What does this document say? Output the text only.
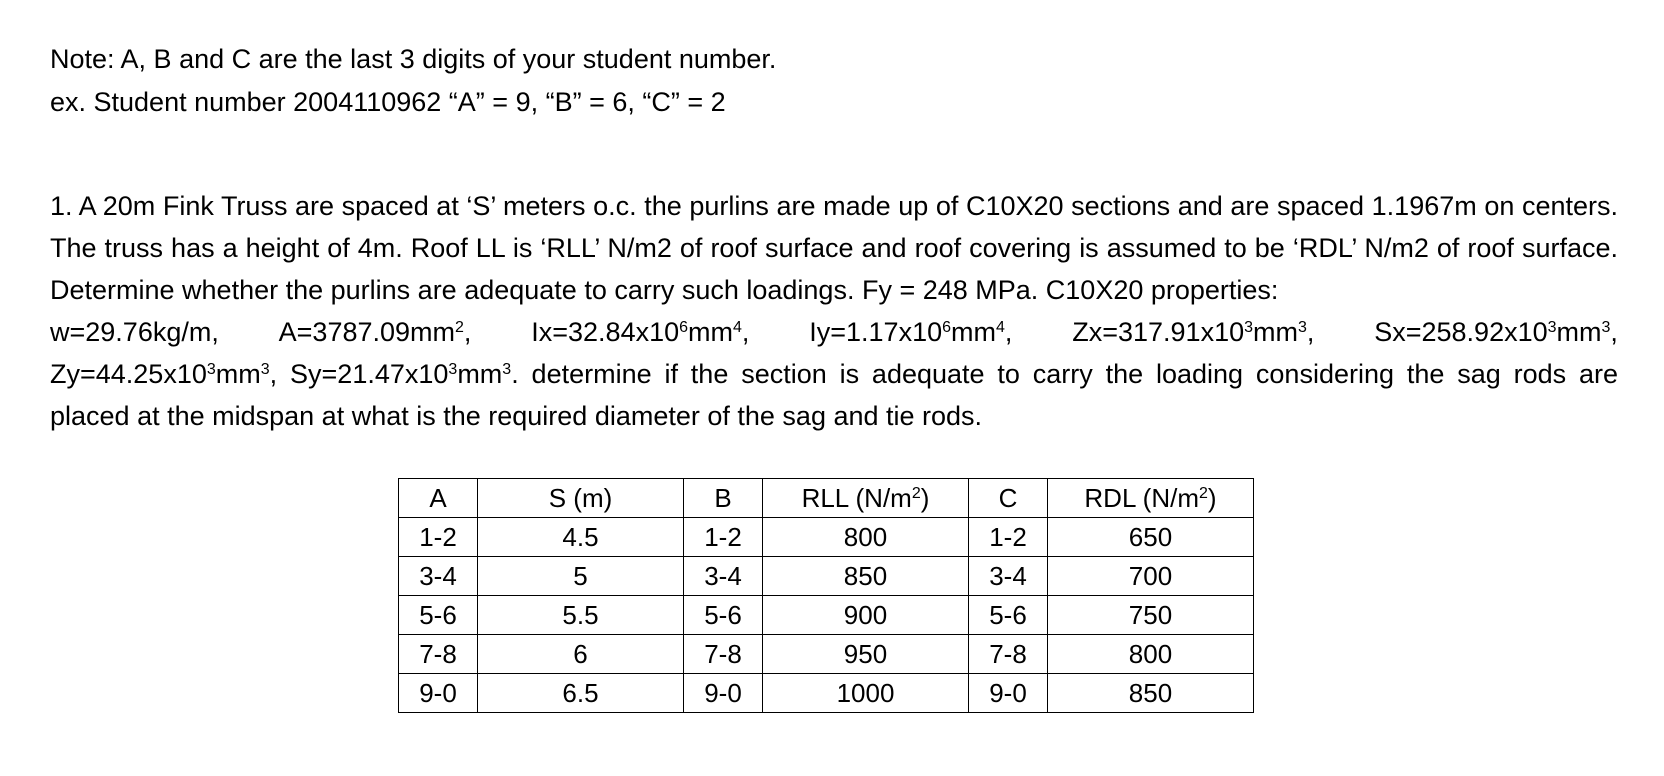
Note: A, B and C are the last 3 digits of your student number.

ex. Student number 2004110962 “A” = 9, “B” = 6, “C” = 2

1. A 20m Fink Truss are spaced at ‘S’ meters o.c. the purlins are made up of C10X20 sections and are spaced 1.1967m on centers. The truss has a height of 4m. Roof LL is ‘RLL’ N/m2 of roof surface and roof covering is assumed to be ‘RDL’ N/m2 of roof surface. Determine whether the purlins are adequate to carry such loadings. Fy = 248 MPa. C10X20 properties:
w=29.76kg/m, $A=3787.09mm^2$, $Ix=32.84x10^6mm^4$, $Iy=1.17x10^6mm^4$, $Zx=317.91x10^3mm^3$, $Sx=258.92x10^3mm^3$,
$Zy=44.25x10^3mm^3$, $Sy=21.47x10^3mm^3$. determine if the section is adequate to carry the loading considering the sag rods are placed at the midspan at what is the required diameter of the sag and tie rods.
A	S (m)	B	RLL $(N/m^2)$	C	RDL $(N/m^2)$
1-2	4.5	1-2	800	1-2	650
3-4	5	3-4	850	3-4	700
5-6	5.5	5-6	900	5-6	750
7-8	6	7-8	950	7-8	800
9-0	6.5	9-0	1000	9-0	850
